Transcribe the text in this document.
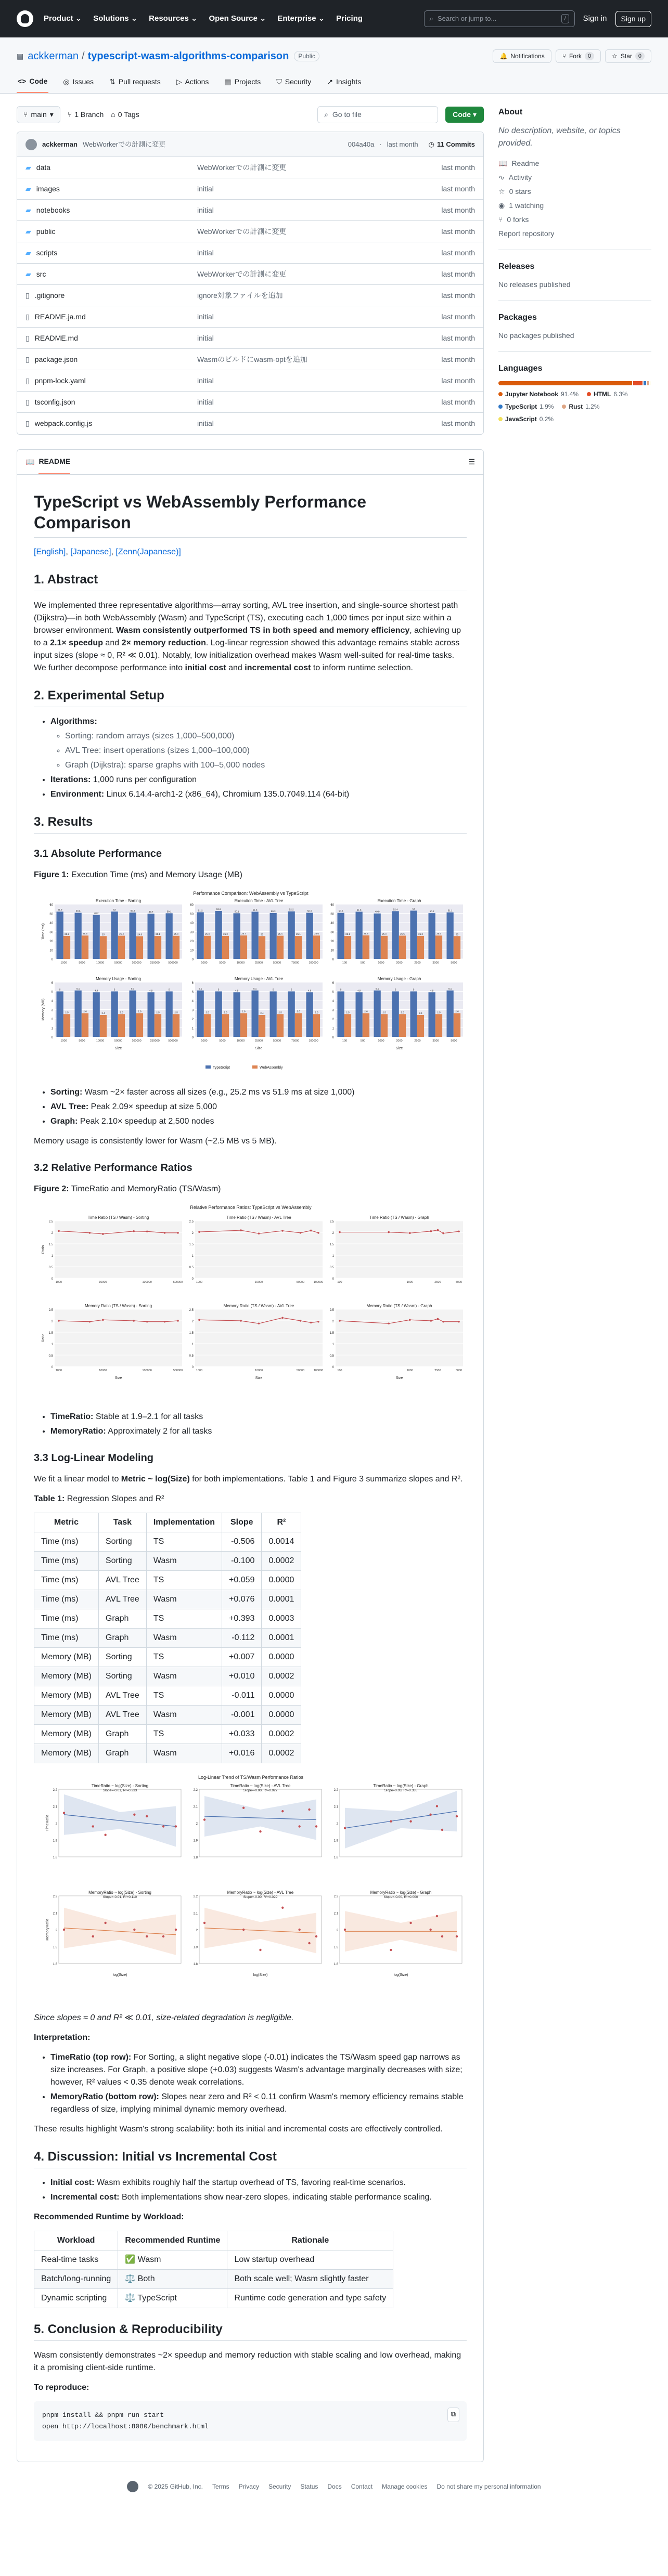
Product ⌄ Solutions ⌄ Resources ⌄ Open Source ⌄ Enterprise ⌄ Pricing	⌕ Search or jump to...	/	Sign in	Sign up
▤ ackkerman / typescript-wasm-algorithms-comparison	Public	🔔 Notifications	⑂ Fork	0	☆ Star	0
<> Code ◎ Issues ⇅ Pull requests ▷ Actions ▦ Projects ⛉ Security ↗ Insights
⑂ main ▾ ⑂ 1 Branch ⌂ 0 Tags	⌕ Go to file	Code ▾
ackkerman WebWorkerでの計測に変更	004a40a · last month ◷ 11 Commits
▰ data	WebWorkerでの計測に変更	last month
▰ images	initial	last month
▰ notebooks	initial	last month
▰ public	WebWorkerでの計測に変更	last month
▰ scripts	initial	last month
▰ src	WebWorkerでの計測に変更	last month
▯ .gitignore	ignore対象ファイルを追加	last month
▯ README.ja.md	initial	last month
▯ README.md	initial	last month
▯ package.json	Wasmのビルドにwasm-optを追加	last month
▯ pnpm-lock.yaml	initial	last month
▯ tsconfig.json	initial	last month
▯ webpack.config.js	initial	last month
📖 README	☰
TypeScript vs WebAssembly Performance Comparison

[English], [Japanese], [Zenn(Japanese)]

1. Abstract

We implemented three representative algorithms—array sorting, AVL tree insertion, and single-source shortest path (Dijkstra)—in both WebAssembly (Wasm) and TypeScript (TS), executing each 1,000 times per input size within a browser environment. Wasm consistently outperformed TS in both speed and memory efficiency, achieving up to a 2.1× speedup and 2× memory reduction. Log-linear regression showed this advantage remains stable across input sizes (slope ≈ 0, R² ≪ 0.01). Notably, low initialization overhead makes Wasm well-suited for real-time tasks. We further decompose performance into initial cost and incremental cost to inform runtime selection.

2. Experimental Setup
• Algorithms:
◦ Sorting: random arrays (sizes 1,000–500,000)
◦ AVL Tree: insert operations (sizes 1,000–100,000)
◦ Graph (Dijkstra): sparse graphs with 100–5,000 nodes
• Iterations: 1,000 runs per configuration
• Environment: Linux 6.14.4-arch1-2 (x86_64), Chromium 135.0.7049.114 (64-bit)
3. Results
3.1 Absolute Performance

Figure 1: Execution Time (ms) and Memory Usage (MB)

Performance Comparison: WebAssembly vs TypeScript
0
10
20
30
40
50
60
Execution Time - Sorting
Time (ms)
1000
51.9
25.2
5000
50.6
25.6
10000
48.2
25
50000
52
25.4
100000
50.9
24.9
250000
49.7
25.1
500000
50.1
25.3
0
10
20
30
40
50
60
Execution Time - AVL Tree
1000
51.2
25.3
5000
52.6
25.2
10000
50.1
25.7
25000
51.8
25
50000
50.3
25.4
75000
52.2
25.1
100000
50.6
25.6
0
10
20
30
40
50
60
Execution Time - Graph
100
50.5
25.1
500
51.8
25.8
1000
49.9
25.3
2000
52.4
25.5
2500
53
25.2
3000
50.2
25.6
5000
51.1
25
0
1
2
3
4
5
6
Memory Usage - Sorting
Memory (MB)
Size
1000
5
2.5
5000
5.1
2.6
10000
4.9
2.4
50000
5
2.5
100000
5.1
2.6
250000
4.9
2.5
500000
5
2.5
0
1
2
3
4
5
6
Memory Usage - AVL Tree
Size
1000
5.1
2.5
5000
5
2.5
10000
4.9
2.6
25000
5.1
2.4
50000
5
2.5
75000
5
2.6
100000
4.9
2.5
0
1
2
3
4
5
6
Memory Usage - Graph
Size
100
5
2.5
500
4.9
2.6
1000
5.1
2.5
2000
5
2.5
2500
5
2.4
3000
4.9
2.5
5000
5.1
2.6
TypeScript	WebAssembly
• Sorting: Wasm ~2× faster across all sizes (e.g., 25.2 ms vs 51.9 ms at size 1,000)
• AVL Tree: Peak 2.09× speedup at size 5,000
• Graph: Peak 2.10× speedup at 2,500 nodes

Memory usage is consistently lower for Wasm (~2.5 MB vs 5 MB).

3.2 Relative Performance Ratios

Figure 2: TimeRatio and MemoryRatio (TS/Wasm)

Relative Performance Ratios: TypeScript vs WebAssembly
0
0.5
1
1.5
2
2.5
Time Ratio (TS / Wasm) - Sorting
Ratio
1000	10000	100000	500000
0
0.5
1
1.5
2
2.5
Time Ratio (TS / Wasm) - AVL Tree
1000	10000	50000	100000
0
0.5
1
1.5
2
2.5
Time Ratio (TS / Wasm) - Graph
100	1000	2500	5000
0
0.5
1
1.5
2
2.5
Memory Ratio (TS / Wasm) - Sorting
Ratio
Size
1000	10000	100000	500000
0
0.5
1
1.5
2
2.5
Memory Ratio (TS / Wasm) - AVL Tree
Size
1000	10000	50000	100000
0
0.5
1
1.5
2
2.5
Memory Ratio (TS / Wasm) - Graph
Size
100	1000	2500	5000
• TimeRatio: Stable at 1.9–2.1 for all tasks
• MemoryRatio: Approximately 2 for all tasks
3.3 Log-Linear Modeling

We fit a linear model to Metric ~ log(Size) for both implementations. Table 1 and Figure 3 summarize slopes and R².

Table 1: Regression Slopes and R²

Metric	Task	Implementation	Slope	R²
Time (ms)	Sorting	TS	-0.506	0.0014
Time (ms)	Sorting	Wasm	-0.100	0.0002
Time (ms)	AVL Tree	TS	+0.059	0.0000
Time (ms)	AVL Tree	Wasm	+0.076	0.0001
Time (ms)	Graph	TS	+0.393	0.0003
Time (ms)	Graph	Wasm	-0.112	0.0001
Memory (MB)	Sorting	TS	+0.007	0.0000
Memory (MB)	Sorting	Wasm	+0.010	0.0002
Memory (MB)	AVL Tree	TS	-0.011	0.0000
Memory (MB)	AVL Tree	Wasm	-0.001	0.0000
Memory (MB)	Graph	TS	+0.033	0.0002
Memory (MB)	Graph	Wasm	+0.016	0.0002
Log-Linear Trend of TS/Wasm Performance Ratios
1.8
1.9
2
2.1
2.2
TimeRatio ~ log(Size) - Sorting
TimeRatio
Slope=-0.01, R²=0.233
1.8
1.9
2
2.1
2.2
TimeRatio ~ log(Size) - AVL Tree
Slope=-0.00, R²=0.027
1.8
1.9
2
2.1
2.2
TimeRatio ~ log(Size) - Graph
Slope=0.03, R²=0.335
1.8
1.9
2
2.1
2.2
MemoryRatio ~ log(Size) - Sorting
MemoryRatio
log(Size)
Slope=-0.01, R²=0.110
1.8
1.9
2
2.1
2.2
MemoryRatio ~ log(Size) - AVL Tree
log(Size)
Slope=-0.00, R²=0.029
1.8
1.9
2
2.1
2.2
MemoryRatio ~ log(Size) - Graph
log(Size)
Slope=-0.00, R²=0.000

Since slopes ≈ 0 and R² ≪ 0.01, size-related degradation is negligible.

Interpretation:

• TimeRatio (top row): For Sorting, a slight negative slope (-0.01) indicates the TS/Wasm speed gap narrows as size increases. For Graph, a positive slope (+0.03) suggests Wasm's advantage marginally decreases with size; however, R² values < 0.35 denote weak correlations.
• MemoryRatio (bottom row): Slopes near zero and R² < 0.11 confirm Wasm's memory efficiency remains stable regardless of size, implying minimal dynamic memory overhead.

These results highlight Wasm's strong scalability: both its initial and incremental costs are effectively controlled.

4. Discussion: Initial vs Incremental Cost
• Initial cost: Wasm exhibits roughly half the startup overhead of TS, favoring real-time scenarios.
• Incremental cost: Both implementations show near-zero slopes, indicating stable performance scaling.

Recommended Runtime by Workload:

Workload	Recommended Runtime	Rationale
Real-time tasks	✅ Wasm	Low startup overhead
Batch/long-running	⚖️ Both	Both scale well; Wasm slightly faster
Dynamic scripting	⚖️ TypeScript	Runtime code generation and type safety
5. Conclusion & Reproducibility

Wasm consistently demonstrates ~2× speedup and memory reduction with stable scaling and low overhead, making it a promising client-side runtime.

To reproduce:

pnpm install && pnpm run start
open http://localhost:8080/benchmark.html
⧉
About

No description, website, or topics provided.

📖 Readme
∿ Activity
☆ 0 stars
◉ 1 watching
⑂ 0 forks
Report repository
Releases
No releases published
Packages
No packages published
Languages
Jupyter Notebook 91.4% HTML 6.3%
TypeScript 1.9% Rust 1.2%
JavaScript 0.2%
© 2025 GitHub, Inc. Terms Privacy Security Status Docs Contact Manage cookies Do not share my personal information
